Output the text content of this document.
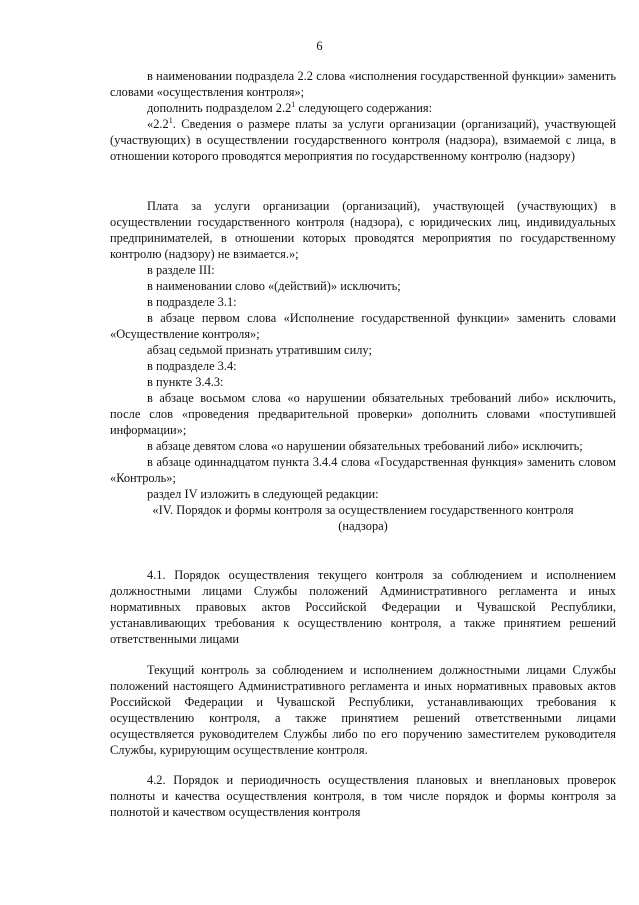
6

в наименовании подраздела 2.2 слова «исполнения государственной функции» заменить словами «осуществления контроля»;

дополнить подразделом $2.2^1$ следующего содержания:

«$2.2^1$. Сведения о размере платы за услуги организации (организаций), участвующей (участвующих) в осуществлении государственного контроля (надзора), взимаемой с лица, в отношении которого проводятся мероприятия по государственному контролю (надзору)

Плата за услуги организации (организаций), участвующей (участвующих) в осуществлении государственного контроля (надзора), с юридических лиц, индивидуальных предпринимателей, в отношении которых проводятся мероприятия по государственному контролю (надзору) не взимается.»;

в разделе III:

в наименовании слово «(действий)» исключить;

в подразделе 3.1:

в абзаце первом слова «Исполнение государственной функции» заменить словами «Осуществление контроля»;

абзац седьмой признать утратившим силу;

в подразделе 3.4:

в пункте 3.4.3:

в абзаце восьмом слова «о нарушении обязательных требований либо» исключить, после слов «проведения предварительной проверки» дополнить словами «поступившей информации»;

в абзаце девятом слова «о нарушении обязательных требований либо» исключить;

в абзаце одиннадцатом пункта 3.4.4 слова «Государственная функция» заменить словом «Контроль»;

раздел IV изложить в следующей редакции:

«IV. Порядок и формы контроля за осуществлением государственного контроля

(надзора)

4.1. Порядок осуществления текущего контроля за соблюдением и исполнением должностными лицами Службы положений Административного регламента и иных нормативных правовых актов Российской Федерации и Чувашской Республики, устанавливающих требования к осуществлению контроля, а также принятием решений ответственными лицами

Текущий контроль за соблюдением и исполнением должностными лицами Службы положений настоящего Административного регламента и иных нормативных правовых актов Российской Федерации и Чувашской Республики, устанавливающих требования к осуществлению контроля, а также принятием решений ответственными лицами осуществляется руководителем Службы либо по его поручению заместителем руководителя Службы, курирующим осуществление контроля.

4.2. Порядок и периодичность осуществления плановых и внеплановых проверок полноты и качества осуществления контроля, в том числе порядок и формы контроля за полнотой и качеством осуществления контроля
